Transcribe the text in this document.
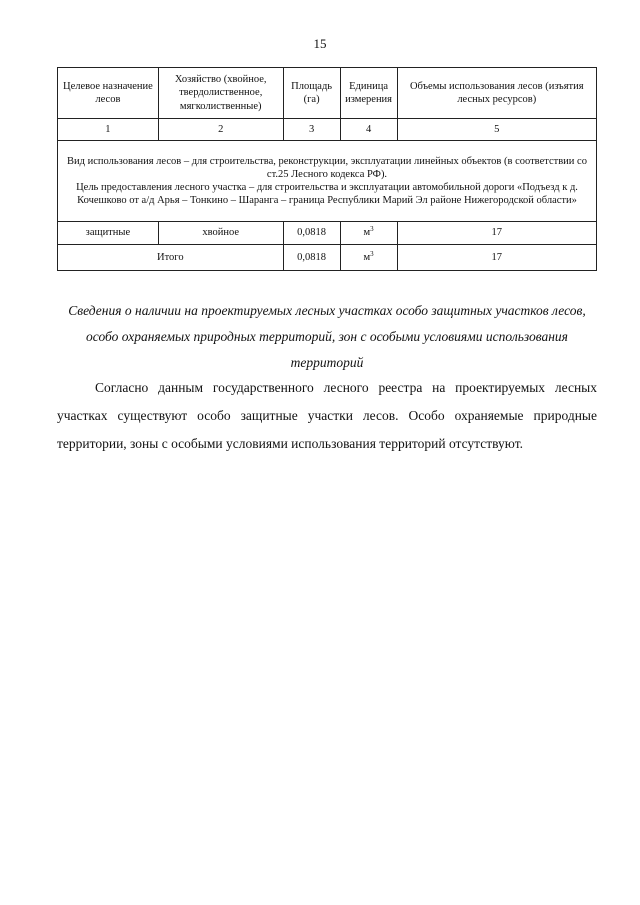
15
Целевое назначение лесов	Хозяйство (хвойное, твердолиственное, мягколиственные)	Площадь (га)	Единица измерения	Объемы использования лесов (изъятия лесных ресурсов)
1	2	3	4	5

Вид использования лесов – для строительства, реконструкции, эксплуатации линейных объектов (в соответствии со ст.25 Лесного кодекса РФ).

Цель предоставления лесного участка – для строительства и эксплуатации автомобильной дороги «Подъезд к д. Кочешково от а/д Арья – Тонкино – Шаранга – граница Республики Марий Эл районе Нижегородской области»				

защитные	хвойное	0,0818	$м^3$	17
Итого		0,0818	$м^3$	17
Сведения о наличии на проектируемых лесных участках особо защитных участков лесов, особо охраняемых природных территорий, зон с особыми условиями использования территорий

Согласно данным государственного лесного реестра на проектируемых лесных участках существуют особо защитные участки лесов. Особо охраняемые природные территории, зоны с особыми условиями использования территорий отсутствуют.
